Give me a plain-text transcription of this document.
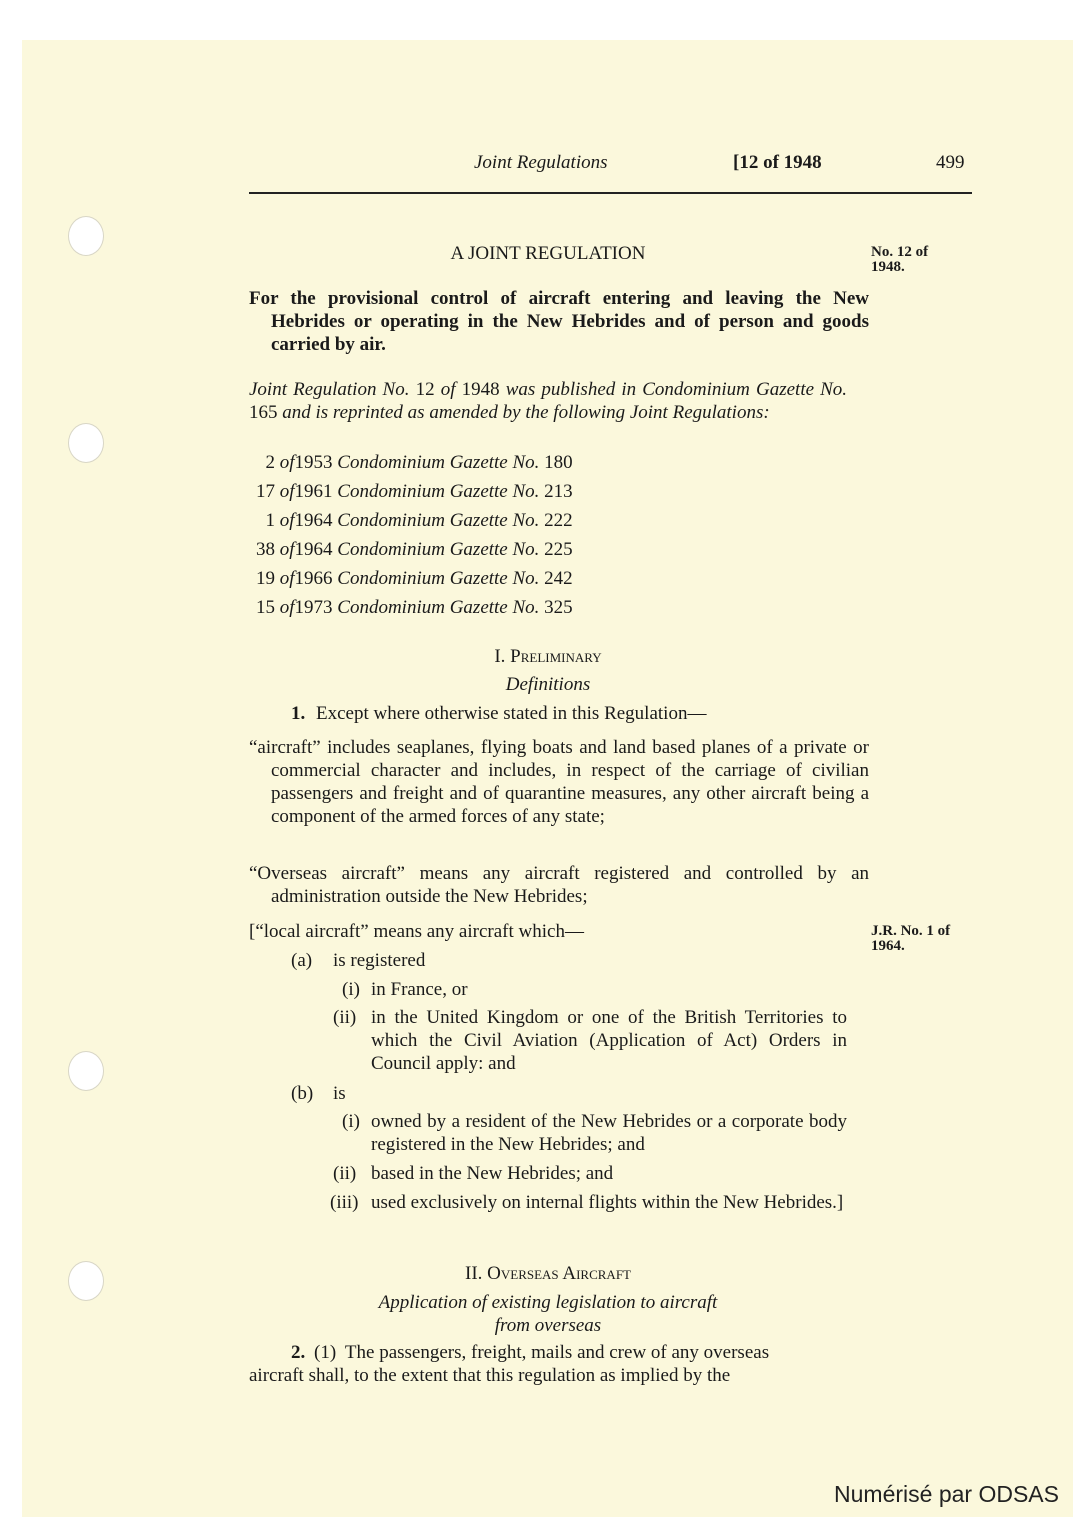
Joint Regulations	[12 of 1948	499
A JOINT REGULATION	No. 12 of 1948.
For the provisional control of aircraft entering and leaving the New Hebrides or operating in the New Hebrides and of person and goods carried by air.
Joint Regulation No. 12 of 1948 was published in Condominium Gazette No. 165 and is reprinted as amended by the following Joint Regulations:
2 of1953 Condominium Gazette No. 180
17 of1961 Condominium Gazette No. 213
1 of1964 Condominium Gazette No. 222
38 of1964 Condominium Gazette No. 225
19 of1966 Condominium Gazette No. 242
15 of1973 Condominium Gazette No. 325
I. Preliminary
Definitions
1. Except where otherwise stated in this Regulation—
“aircraft” includes seaplanes, flying boats and land based planes of a private or commercial character and includes, in respect of the carriage of civilian passengers and freight and of quarantine measures, any other aircraft being a component of the armed forces of any state;
“Overseas aircraft” means any aircraft registered and controlled by an administration outside the New Hebrides;
[“local aircraft” means any aircraft which—	J.R. No. 1 of 1964.
(a) is registered
(i) in France, or
(ii) in the United Kingdom or one of the British Territories to which the Civil Aviation (Application of Act) Orders in Council apply: and
(b) is
(i) owned by a resident of the New Hebrides or a corporate body registered in the New Hebrides; and
(ii) based in the New Hebrides; and
(iii) used exclusively on internal flights within the New Hebrides.]
II. Overseas Aircraft
Application of existing legislation to aircraft
from overseas
2. (1) The passengers, freight, mails and crew of any overseas
aircraft shall, to the extent that this regulation as implied by the
Numérisé par ODSAS
